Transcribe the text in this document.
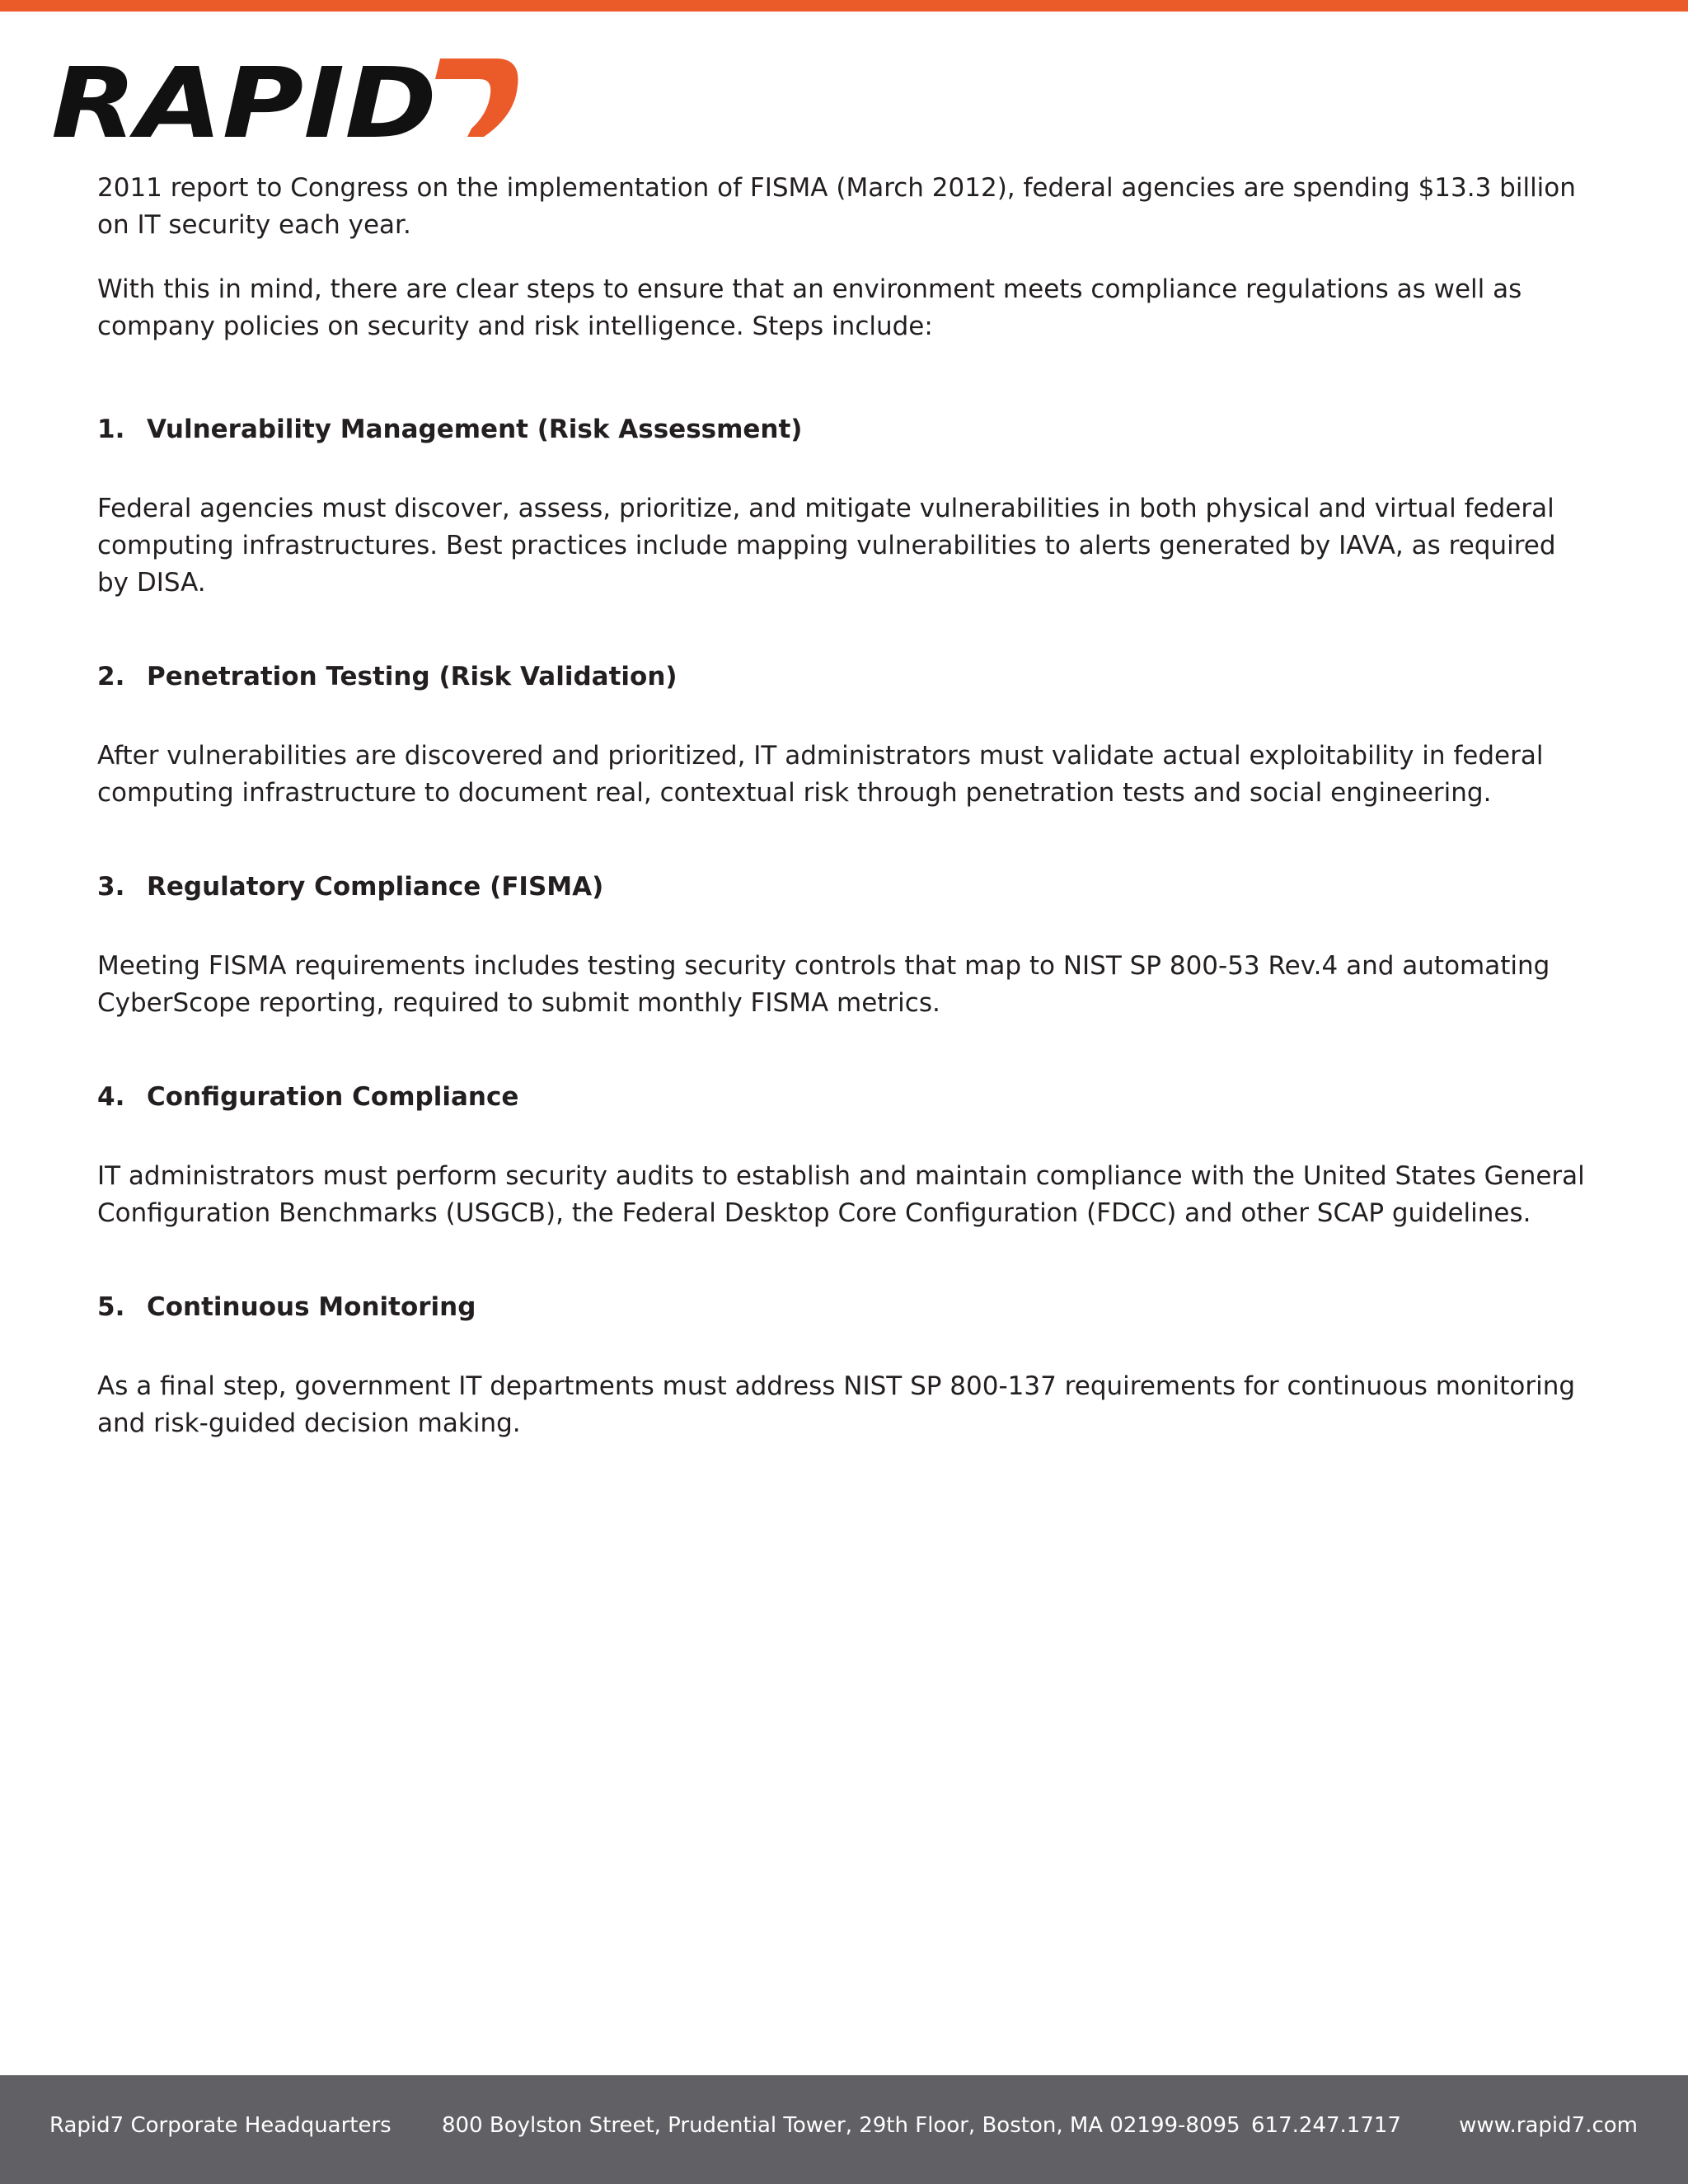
RAPID

2011 report to Congress on the implementation of FISMA (March 2012), federal agencies are spending $13.3 billion on IT security each year.

With this in mind, there are clear steps to ensure that an environment meets compliance regulations as well as company policies on security and risk intelligence. Steps include:

1. Vulnerability Management (Risk Assessment)

Federal agencies must discover, assess, prioritize, and mitigate vulnerabilities in both physical and virtual federal computing infrastructures. Best practices include mapping vulnerabilities to alerts generated by IAVA, as required by DISA.

2. Penetration Testing (Risk Validation)

After vulnerabilities are discovered and prioritized, IT administrators must validate actual exploitability in federal computing infrastructure to document real, contextual risk through penetration tests and social engineering.

3. Regulatory Compliance (FISMA)

Meeting FISMA requirements includes testing security controls that map to NIST SP 800-53 Rev.4 and automating CyberScope reporting, required to submit monthly FISMA metrics.

4. Configuration Compliance

IT administrators must perform security audits to establish and maintain compliance with the United States General Configuration Benchmarks (USGCB), the Federal Desktop Core Configuration (FDCC) and other SCAP guidelines.

5. Continuous Monitoring

As a final step, government IT departments must address NIST SP 800-137 requirements for continuous monitoring and risk-guided decision making.

Rapid7 Corporate Headquarters 800 Boylston Street, Prudential Tower, 29th Floor, Boston, MA 02199-8095 617.247.1717	www.rapid7.com
